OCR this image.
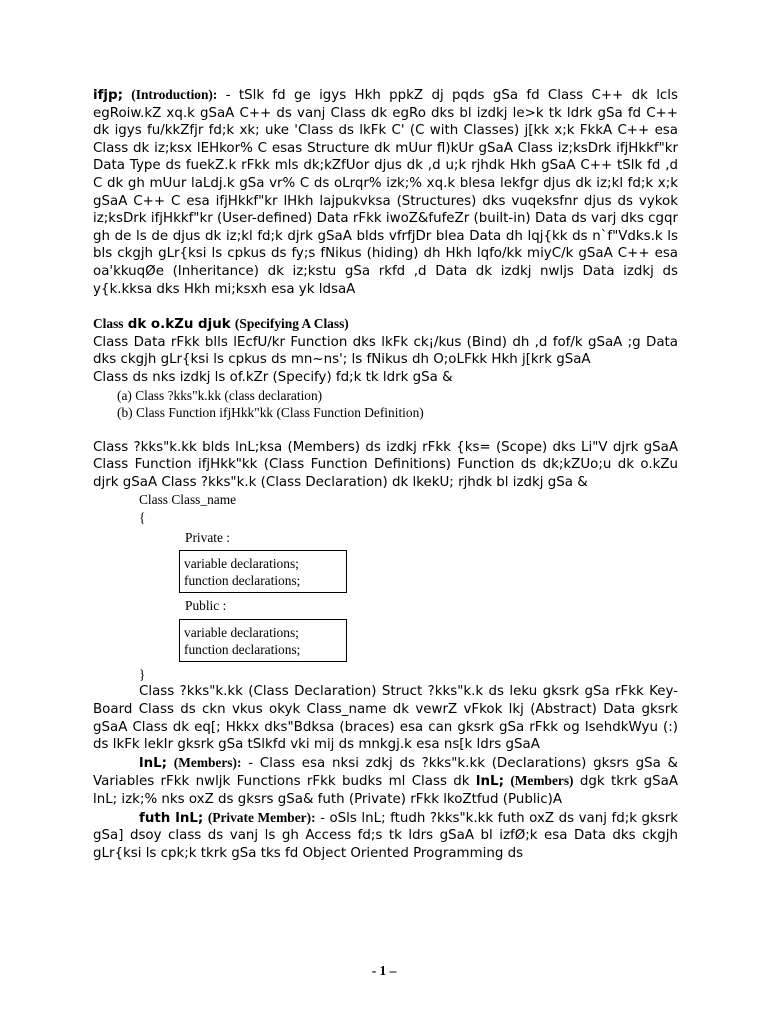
ifjp; (Introduction): - tSlk fd ge igys Hkh ppkZ dj pqds gSa fd Class C++ dk lcls egRoiw.kZ xq.k gSaA C++ ds vanj Class dk egRo dks bl izdkj le>k tk ldrk gSa fd C++ dk igys fu/kkZfjr fd;k xk; uke 'Class ds lkFk C' (C with Classes) j[kk x;k FkkA C++ esa Class dk iz;ksx lEHkor% C esas Structure dk mUur fl)kUr gSaA Class iz;ksDrk ifjHkkf"kr Data Type ds fuekZ.k rFkk mls dk;kZfUor djus dk ,d u;k rjhdk Hkh gSaA C++ tSlk fd ,d C dk gh mUur laLdj.k gSa vr% C ds oLrqr% izk;% xq.k blesa lekfgr djus dk iz;kl fd;k x;k gSaA C++ C esa ifjHkkf"kr lHkh lajpukvksa (Structures) dks vuqeksfnr djus ds vykok iz;ksDrk ifjHkkf"kr (User-defined) Data rFkk iwoZ&fufeZr (built-in) Data ds varj dks cgqr gh de ls de djus dk iz;kl fd;k djrk gSaA blds vfrfjDr blea Data dh lqj{kk ds n`f"Vdks.k ls bls ckgjh gLr{ksi ls cpkus ds fy;s fNikus (hiding) dh Hkh lqfo/kk miyC/k gSaA C++ esa oa'kkuqØe (Inheritance) dk iz;kstu gSa rkfd ,d Data dk izdkj nwljs Data izdkj ds y{k.kksa dks Hkh mi;ksxh esa yk ldsaA

Class dk o.kZu djuk (Specifying A Class)

Class Data rFkk blls lEcfU/kr Function dks lkFk ck¡/kus (Bind) dh ,d fof/k gSaA ;g Data dks ckgjh gLr{ksi ls cpkus ds mn~ns'; ls fNikus dh O;oLFkk Hkh j[krk gSaA

Class ds nks izdkj ls of.kZr (Specify) fd;k tk ldrk gSa &

(a) Class ?kks"k.kk (class declaration)
(b) Class Function ifjHkk"kk (Class Function Definition)

Class ?kks"k.kk blds lnL;ksa (Members) ds izdkj rFkk {ks= (Scope) dks Li"V djrk gSaA Class Function ifjHkk"kk (Class Function Definitions) Function ds dk;kZUo;u dk o.kZu djrk gSaA Class ?kks"k.k (Class Declaration) dk lkekU; rjhdk bl izdkj gSa &

Class Class_name
{
Private :
variable declarations;
function declarations;
Public :
variable declarations;
function declarations;
}

Class ?kks"k.kk (Class Declaration) Struct ?kks"k.k ds leku gksrk gSa rFkk Key-Board Class ds ckn vkus okyk Class_name dk vewrZ vFkok lkj (Abstract) Data gksrk gSaA Class dk eq[; Hkkx dks"Bdksa (braces) esa can gksrk gSa rFkk og lsehdkWyu (:) ds lkFk lekIr gksrk gSa tSlkfd vki mij ds mnkgj.k esa ns[k ldrs gSaA

lnL; (Members): - Class esa nksi zdkj ds ?kks"k.kk (Declarations) gksrs gSa & Variables rFkk nwljk Functions rFkk budks ml Class dk lnL; (Members) dgk tkrk gSaA lnL; izk;% nks oxZ ds gksrs gSa& futh (Private) rFkk lkoZtfud (Public)A

futh lnL; (Private Member): - oSls lnL; ftudh ?kks"k.kk futh oxZ ds vanj fd;k gksrk gSa] dsoy class ds vanj ls gh Access fd;s tk ldrs gSaA bl izfØ;k esa Data dks ckgjh gLr{ksi ls cpk;k tkrk gSa tks fd Object Oriented Programming ds

- 1 –
